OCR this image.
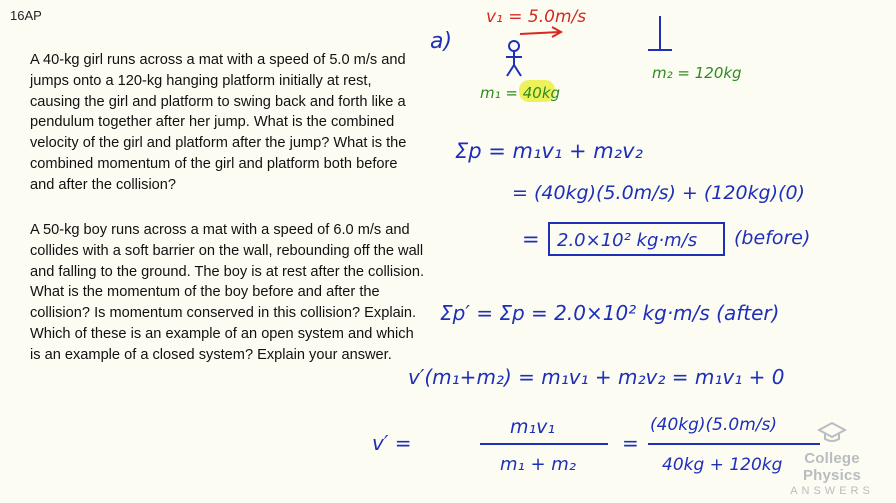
16AP

A 40-kg girl runs across a mat with a speed of 5.0 m/s and jumps onto a 120-kg hanging platform initially at rest, causing the girl and platform to swing back and forth like a pendulum together after her jump. What is the combined velocity of the girl and platform after the jump? What is the combined momentum of the girl and platform both before and after the collision?

A 50-kg boy runs across a mat with a speed of 6.0 m/s and collides with a soft barrier on the wall, rebounding off the wall and falling to the ground. The boy is at rest after the collision. What is the momentum of the boy before and after the collision? Is momentum conserved in this collision? Explain. Which of these is an example of an open system and which is an example of a closed system? Explain your answer.

a)
v₁ = 5.0m/s
m₁ = 40kg
m₂ = 120kg
Σp = m₁v₁ + m₂v₂
= (40kg)(5.0m/s) + (120kg)(0)
= 2.0×10² kg·m/s (before)
Σp′ = Σp = 2.0×10² kg·m/s (after)
v′(m₁+m₂) = m₁v₁ + m₂v₂ = m₁v₁ + 0
v′ =
m₁v₁
m₁ + m₂
=
(40kg)(5.0m/s)
40kg + 120kg	College Physics
ANSWERS
